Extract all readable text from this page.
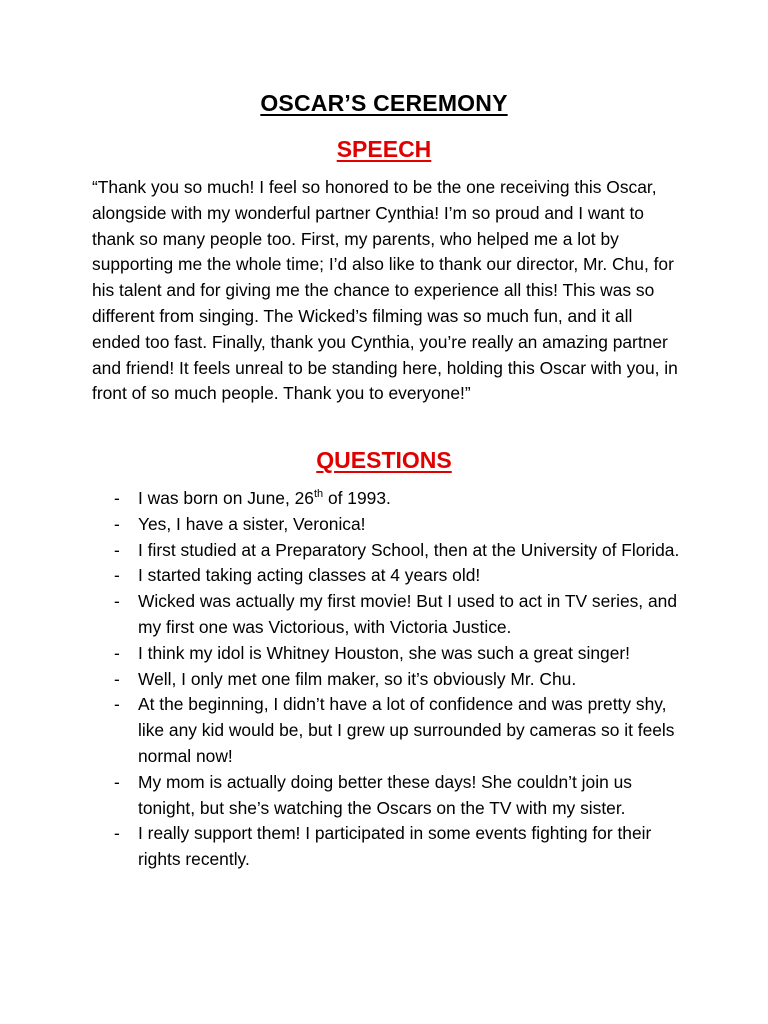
OSCAR’S CEREMONY
SPEECH

“Thank you so much! I feel so honored to be the one receiving this Oscar, alongside with my wonderful partner Cynthia! I’m so proud and I want to thank so many people too. First, my parents, who helped me a lot by supporting me the whole time; I’d also like to thank our director, Mr. Chu, for his talent and for giving me the chance to experience all this! This was so different from singing. The Wicked’s filming was so much fun, and it all ended too fast. Finally, thank you Cynthia, you’re really an amazing partner and friend! It feels unreal to be standing here, holding this Oscar with you, in front of so much people. Thank you to everyone!”

QUESTIONS
- I was born on June, 26th of 1993.
- Yes, I have a sister, Veronica!
- I first studied at a Preparatory School, then at the University of Florida.
- I started taking acting classes at 4 years old!
- Wicked was actually my first movie! But I used to act in TV series, and my first one was Victorious, with Victoria Justice.
- I think my idol is Whitney Houston, she was such a great singer!
- Well, I only met one film maker, so it’s obviously Mr. Chu.
- At the beginning, I didn’t have a lot of confidence and was pretty shy, like any kid would be, but I grew up surrounded by cameras so it feels normal now!
- My mom is actually doing better these days! She couldn’t join us tonight, but she’s watching the Oscars on the TV with my sister.
- I really support them! I participated in some events fighting for their rights recently.
